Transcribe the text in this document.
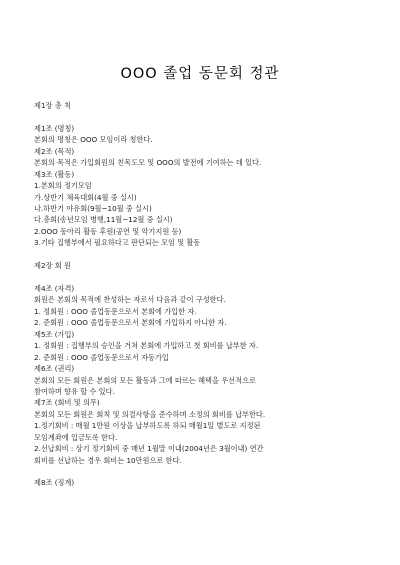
OOO 졸업 동문회 정관
제1장 총 칙
제1조 (명칭)
본회의 명칭은 OOO 모임이라 칭한다.
제2조 (목적)
본회의 목적은 가입회원의 친목도모 및 OOO의 발전에 기여하는 데 있다.
제3조 (활동)
1.본회의 정기모임
가.상반기 체육대회(4월 중 실시)
나.하반기 야유회(9월~10월 중 실시)
다.총회(송년모임 병행,11월~12월 중 실시)
2.OOO 동아리 활동 후원(공연 및 악기지원 등)
3.기타 집행부에서 필요하다고 판단되는 모임 및 활동
제2장 회 원
제4조 (자격)
회원은 본회의 목적에 찬성하는 자로서 다음과 같이 구성한다.
1. 정회원 : OOO 졸업동문으로서 본회에 가입한 자.
2. 준회원 : OOO 졸업동문으로서 본회에 가입하지 아니한 자.
제5조 (가입)
1. 정회원 : 집행부의 승인을 거쳐 본회에 가입하고 첫 회비를 납부한 자.
2. 준회원 : OOO 졸업동문으로서 자동가입
제6조 (권리)
본회의 모든 회원은 본회의 모든 활동과 그에 따르는 혜택을 우선적으로
참여하며 향유 할 수 있다.
제7조 (회비 및 의무)
본회의 모든 회원은 회칙 및 의결사항을 준수하며 소정의 회비를 납부한다.
1.정기회비 : 매월 1만원 이상을 납부하도록 하되 매월1일 별도로 지정된
모임계좌에 입금토록 한다.
2.선납회비 : 상기 정기회비 중 매년 1월말 이내(2004년은 3월이내) 연간
회비를 선납하는 경우 회비는 10만원으로 한다.
제8조 (징계)
